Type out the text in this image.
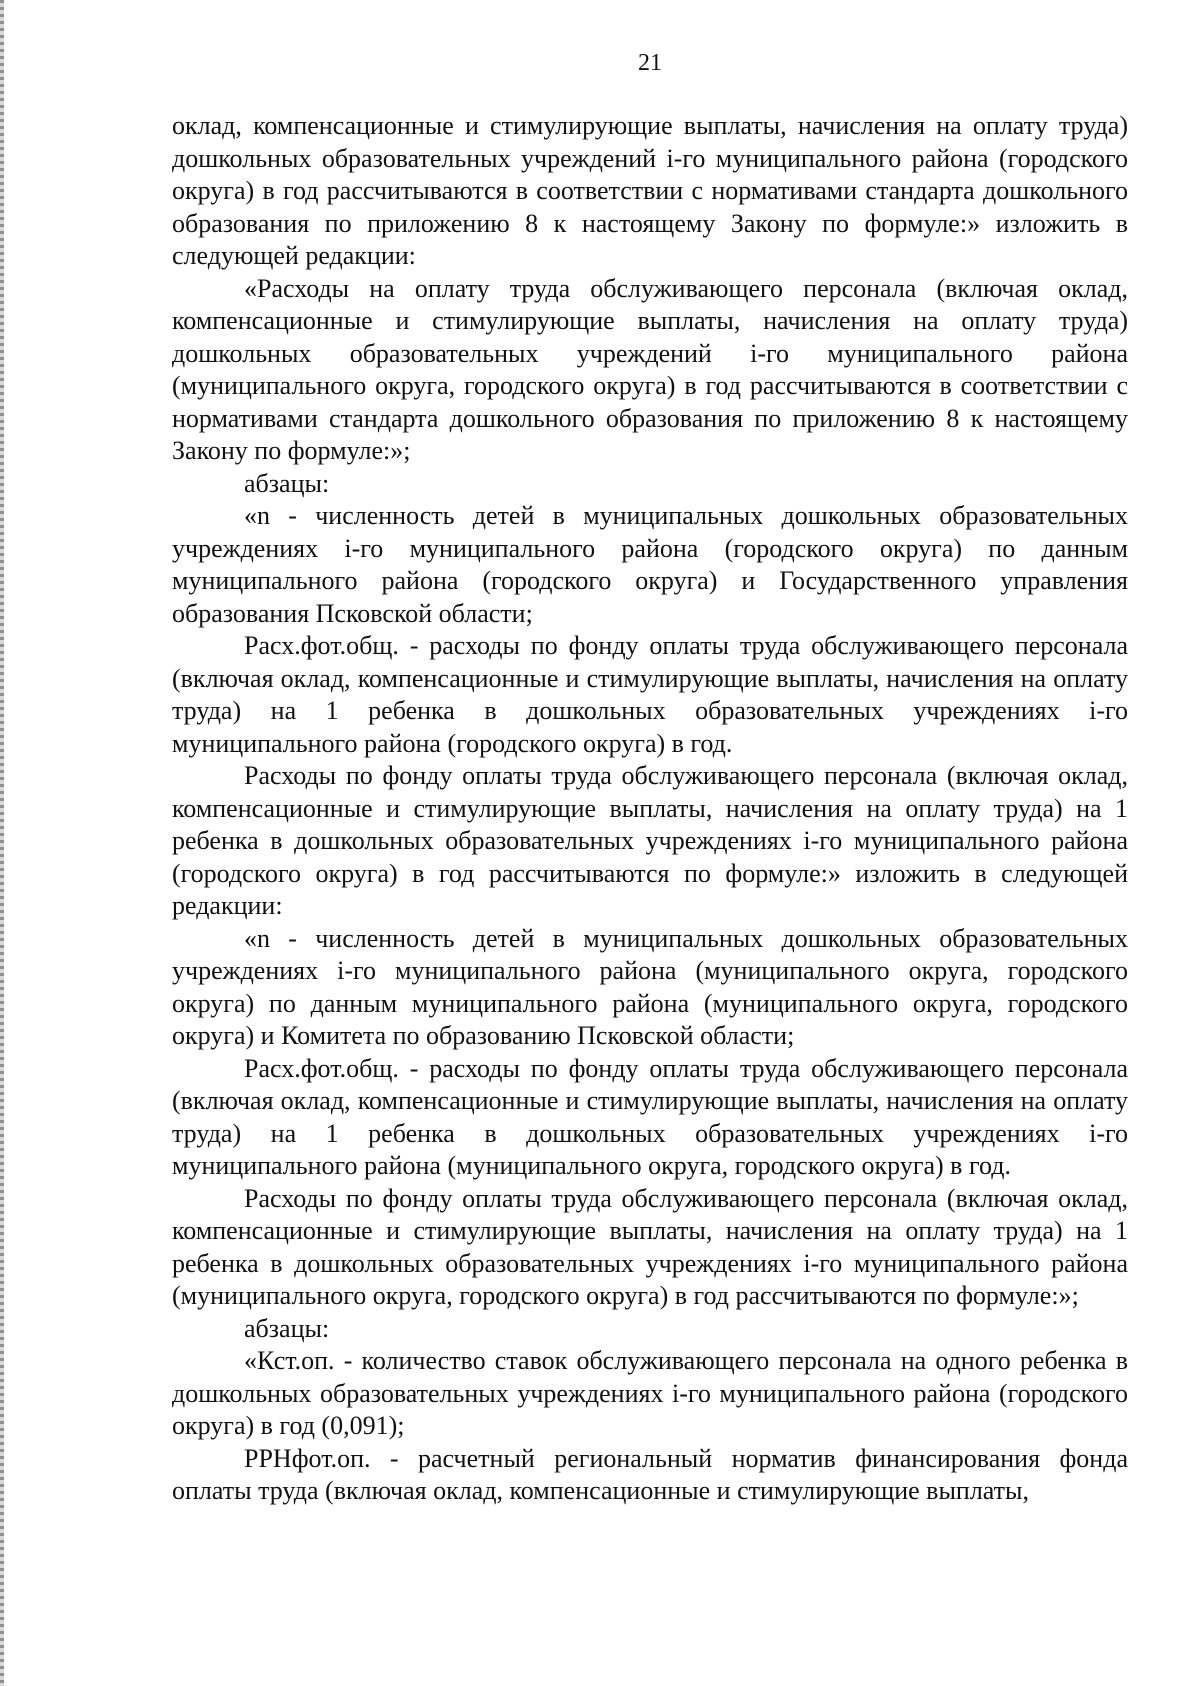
21

оклад, компенсационные и стимулирующие выплаты, начисления на оплату труда) дошкольных образовательных учреждений i-го муниципального района (городского округа) в год рассчитываются в соответствии с нормативами стандарта дошкольного образования по приложению 8 к настоящему Закону по формуле:» изложить в следующей редакции:

«Расходы на оплату труда обслуживающего персонала (включая оклад, компенсационные и стимулирующие выплаты, начисления на оплату труда) дошкольных образовательных учреждений i-го муниципального района (муниципального округа, городского округа) в год рассчитываются в соответствии с нормативами стандарта дошкольного образования по приложению 8 к настоящему Закону по формуле:»;

абзацы:

«n - численность детей в муниципальных дошкольных образовательных учреждениях i-го муниципального района (городского округа) по данным муниципального района (городского округа) и Государственного управления образования Псковской области;

Расх.фот.общ. - расходы по фонду оплаты труда обслуживающего персонала (включая оклад, компенсационные и стимулирующие выплаты, начисления на оплату труда) на 1 ребенка в дошкольных образовательных учреждениях i-го муниципального района (городского округа) в год.

Расходы по фонду оплаты труда обслуживающего персонала (включая оклад, компенсационные и стимулирующие выплаты, начисления на оплату труда) на 1 ребенка в дошкольных образовательных учреждениях i-го муниципального района (городского округа) в год рассчитываются по формуле:» изложить в следующей редакции:

«n - численность детей в муниципальных дошкольных образовательных учреждениях i-го муниципального района (муниципального округа, городского округа) по данным муниципального района (муниципального округа, городского округа) и Комитета по образованию Псковской области;

Расх.фот.общ. - расходы по фонду оплаты труда обслуживающего персонала (включая оклад, компенсационные и стимулирующие выплаты, начисления на оплату труда) на 1 ребенка в дошкольных образовательных учреждениях i-го муниципального района (муниципального округа, городского округа) в год.

Расходы по фонду оплаты труда обслуживающего персонала (включая оклад, компенсационные и стимулирующие выплаты, начисления на оплату труда) на 1 ребенка в дошкольных образовательных учреждениях i-го муниципального района (муниципального округа, городского округа) в год рассчитываются по формуле:»;

абзацы:

«Кст.оп. - количество ставок обслуживающего персонала на одного ребенка в дошкольных образовательных учреждениях i-го муниципального района (городского округа) в год (0,091);

РРНфот.оп. - расчетный региональный норматив финансирования фонда оплаты труда (включая оклад, компенсационные и стимулирующие выплаты,
